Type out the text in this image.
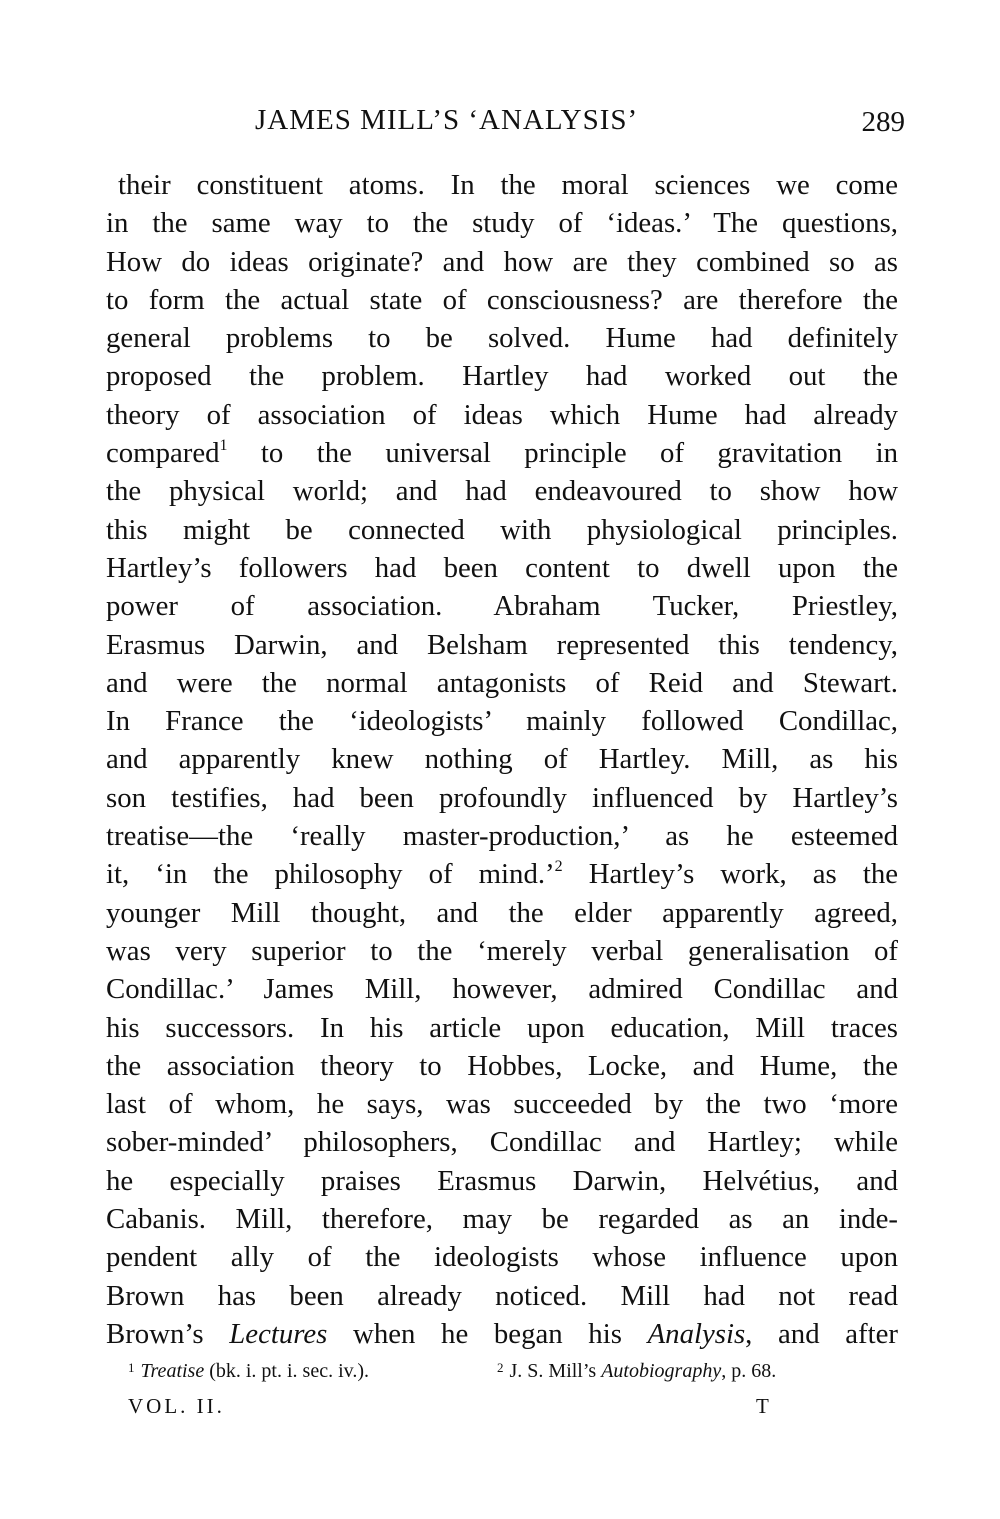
JAMES MILL’S ‘ANALYSIS’	289
their constituent atoms. In the moral sciences we come
in the same way to the study of ‘ideas.’ The questions,
How do ideas originate? and how are they combined so as
to form the actual state of consciousness? are therefore the
general problems to be solved. Hume had definitely
proposed the problem. Hartley had worked out the
theory of association of ideas which Hume had already
compared$^1$ to the universal principle of gravitation in
the physical world; and had endeavoured to show how
this might be connected with physiological principles.
Hartley’s followers had been content to dwell upon the
power of association. Abraham Tucker, Priestley,
Erasmus Darwin, and Belsham represented this tendency,
and were the normal antagonists of Reid and Stewart.
In France the ‘ideologists’ mainly followed Condillac,
and apparently knew nothing of Hartley. Mill, as his
son testifies, had been profoundly influenced by Hartley’s
treatise—the ‘really master-production,’ as he esteemed
it, ‘in the philosophy of mind.’$^2$ Hartley’s work, as the
younger Mill thought, and the elder apparently agreed,
was very superior to the ‘merely verbal generalisation of
Condillac.’ James Mill, however, admired Condillac and
his successors. In his article upon education, Mill traces
the association theory to Hobbes, Locke, and Hume, the
last of whom, he says, was succeeded by the two ‘more
sober-minded’ philosophers, Condillac and Hartley; while
he especially praises Erasmus Darwin, Helvétius, and
Cabanis. Mill, therefore, may be regarded as an inde-
pendent ally of the ideologists whose influence upon
Brown has been already noticed. Mill had not read
Brown’s Lectures when he began his Analysis, and after
$^1$ Treatise (bk. i. pt. i. sec. iv.).	$^2$ J. S. Mill’s Autobiography, p. 68.
VOL. II.	T
